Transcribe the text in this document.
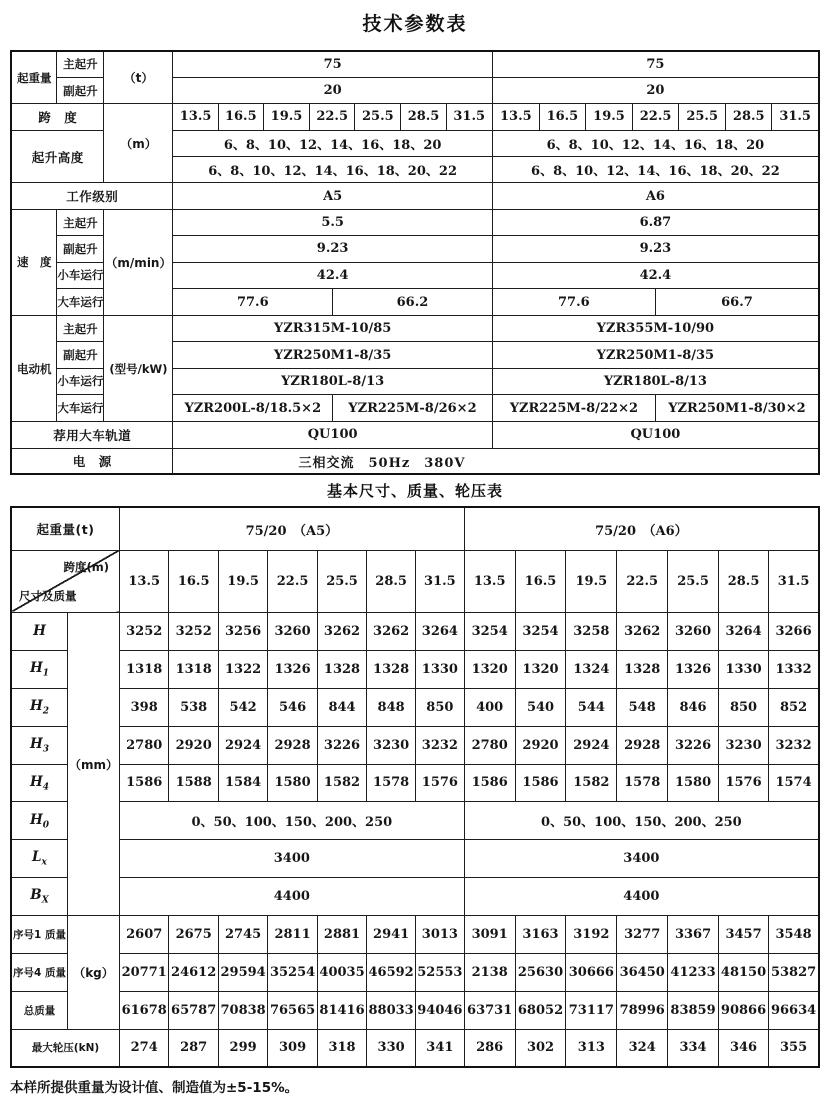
技术参数表
起重量	主起升	（t）	75							75						
	副起升		20							20						
跨　度		（m）	13.5	16.5	19.5	22.5	25.5	28.5	31.5	13.5	16.5	19.5	22.5	25.5	28.5	31.5
起升高度			6、8、10、12、14、16、18、20							6、8、10、12、14、16、18、20						
			6、8、10、12、14、16、18、20、22							6、8、10、12、14、16、18、20、22						
工作级别			A5							A6						
速　度	主起升	（m/min）	5.5							6.87						
	副起升		9.23							9.23						
	小车运行		42.4							42.4						
大车运行	77.6	66.2	77.6	66.7

电动机	主起升	(型号/kW)	YZR315M-10/85							YZR355M-10/90						
	副起升		YZR250M1-8/35							YZR250M1-8/35						
	小车运行		YZR180L-8/13							YZR180L-8/13						
大车运行	YZR200L-8/18.5×2	YZR225M-8/26×2	YZR225M-8/22×2	YZR250M1-8/30×2

荐用大车轨道			QU100							QU100						
电　源			三相交流　50Hz　380V													
基本尺寸、质量、轮压表
起重量(t)		75/20　（A5）							75/20　（A6）						

跨度(m)
尺寸及质量		13.5	16.5	19.5	22.5	25.5	28.5	31.5	13.5	16.5	19.5	22.5	25.5	28.5	31.5
H	（mm）	3252	3252	3256	3260	3262	3262	3264	3254	3254	3258	3262	3260	3264	3266
$H_1$		1318	1318	1322	1326	1328	1328	1330	1320	1320	1324	1328	1326	1330	1332
$H_2$		398	538	542	546	844	848	850	400	540	544	548	846	850	852
$H_3$		2780	2920	2924	2928	3226	3230	3232	2780	2920	2924	2928	3226	3230	3232
$H_4$		1586	1588	1584	1580	1582	1578	1576	1586	1586	1582	1578	1580	1576	1574
$H_0$		0、50、100、150、200、250							0、50、100、150、200、250						
$L_x$		3400							3400						
$B_X$		4400							4400						
序号1 质量	（kg）	2607	2675	2745	2811	2881	2941	3013	3091	3163	3192	3277	3367	3457	3548
序号4 质量		20771	24612	29594	35254	40035	46592	52553	2138	25630	30666	36450	41233	48150	53827
总质量		61678	65787	70838	76565	81416	88033	94046	63731	68052	73117	78996	83859	90866	96634
最大轮压(kN)		274	287	299	309	318	330	341	286	302	313	324	334	346	355
本样所提供重量为设计值、制造值为±5-15%。
